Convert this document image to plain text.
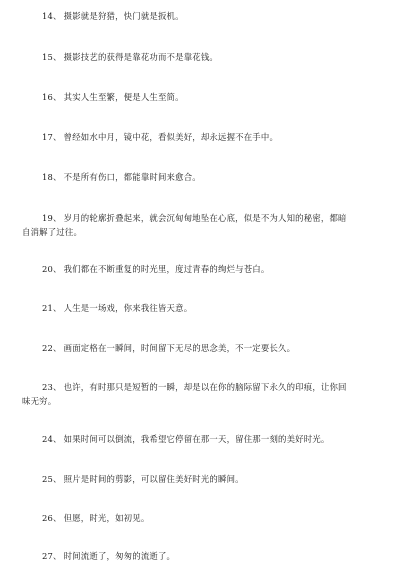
14、 摄影就是狩猎，快门就是扳机。
15、 摄影技艺的获得是靠花功而不是靠花钱。
16、 其实人生至繁，便是人生至简。
17、 曾经如水中月，镜中花，看似美好，却永远握不在手中。
18、 不是所有伤口，都能靠时间来愈合。
19、 岁月的轮廓折叠起来，就会沉甸甸地坠在心底，似是不为人知的秘密，都暗
自消解了过往。
20、 我们都在不断重复的时光里，度过青春的绚烂与苍白。
21、 人生是一场戏，你来我往皆天意。
22、 画面定格在一瞬间，时间留下无尽的思念美，不一定要长久。
23、 也许，有时那只是短暂的一瞬，却是以在你的脑际留下永久的印痕，让你回
味无穷。
24、 如果时间可以倒流，我希望它停留在那一天，留住那一刻的美好时光。
25、 照片是时间的剪影，可以留住美好时光的瞬间。
26、 但愿，时光，如初见。
27、 时间流逝了，匆匆的流逝了。
